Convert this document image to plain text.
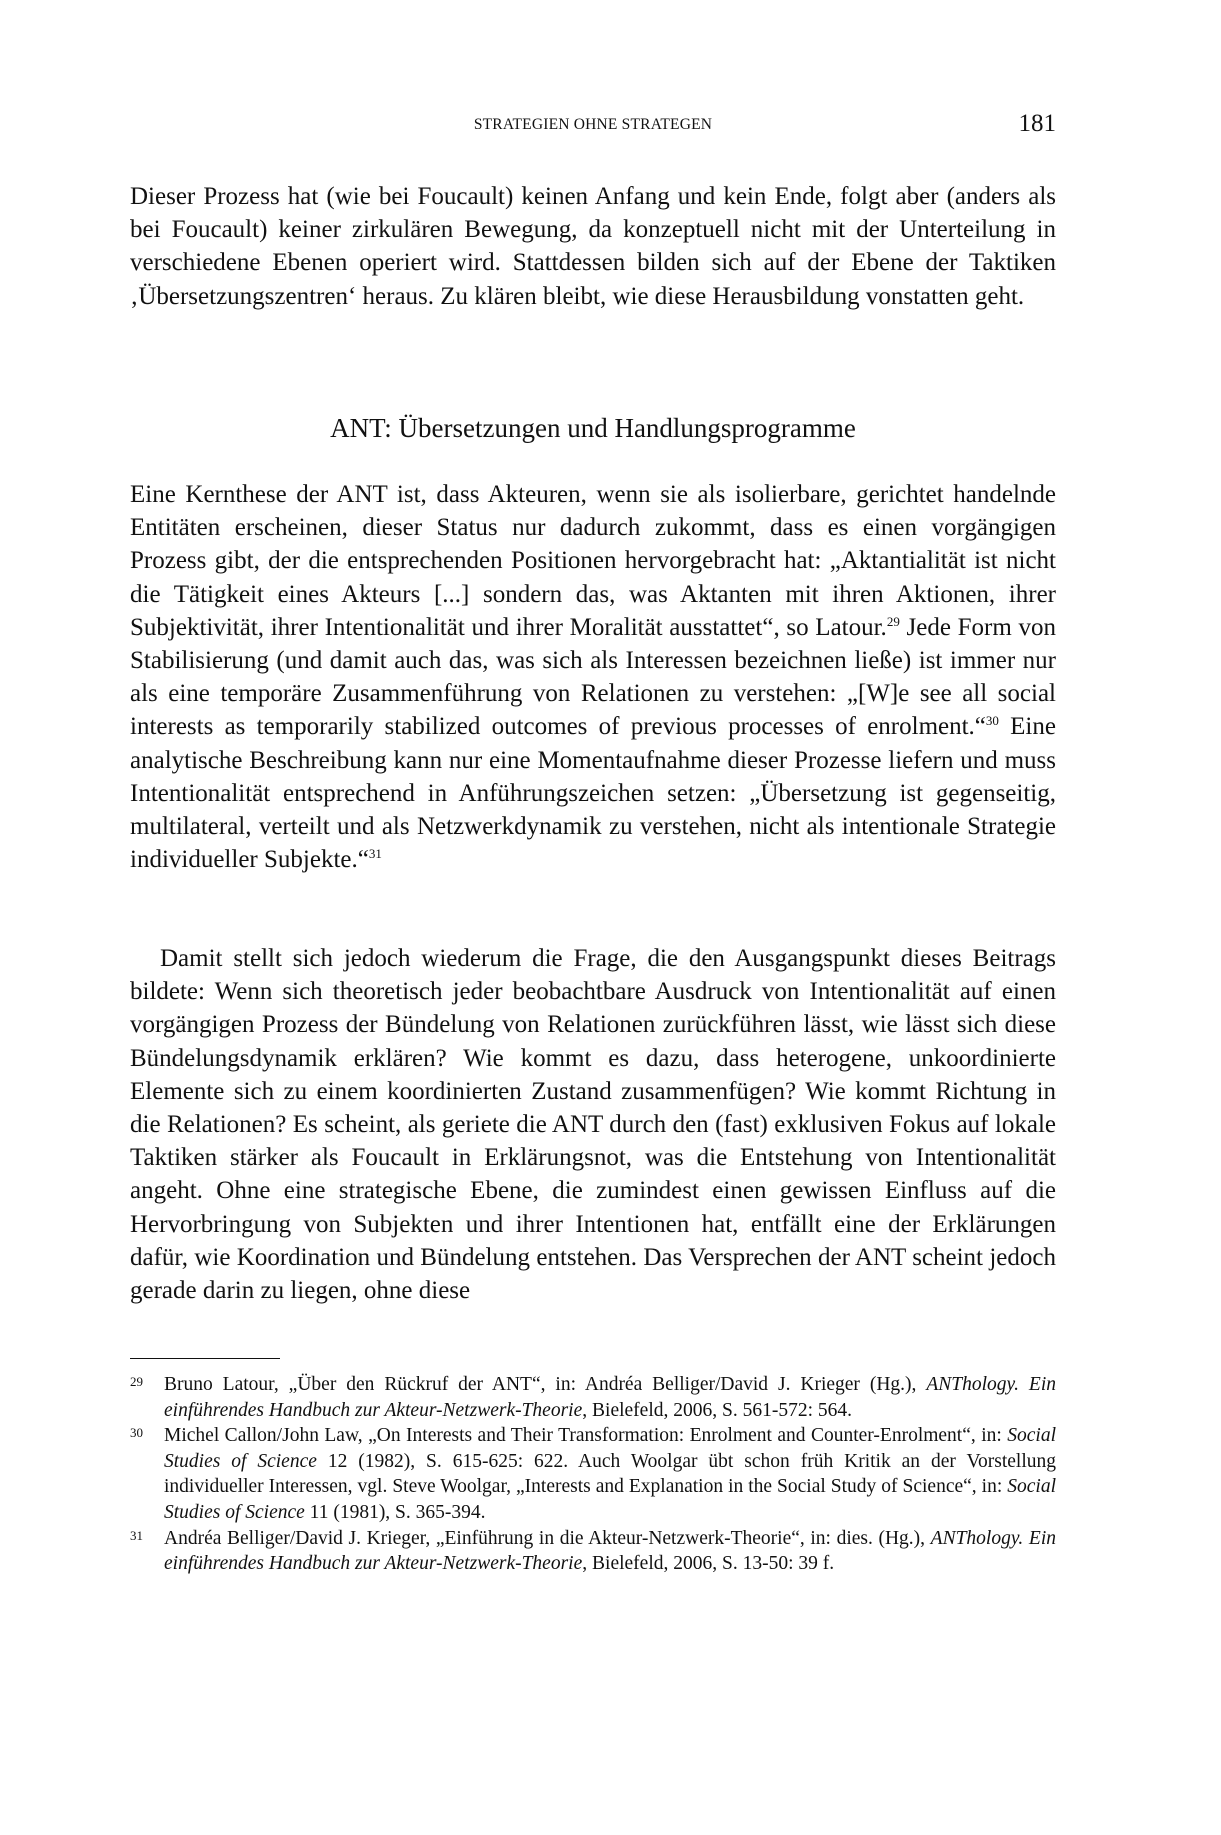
STRATEGIEN OHNE STRATEGEN	181

Dieser Prozess hat (wie bei Foucault) keinen Anfang und kein Ende, folgt aber (anders als bei Foucault) keiner zirkulären Bewegung, da konzeptuell nicht mit der Unterteilung in verschiedene Ebenen operiert wird. Stattdessen bilden sich auf der Ebene der Taktiken ‚Übersetzungszentren‘ heraus. Zu klären bleibt, wie diese Herausbildung vonstatten geht.

ANT: Übersetzungen und Handlungsprogramme

Eine Kernthese der ANT ist, dass Akteuren, wenn sie als isolierbare, gerichtet handelnde Entitäten erscheinen, dieser Status nur dadurch zukommt, dass es einen vorgängigen Prozess gibt, der die entsprechenden Positionen hervorgebracht hat: „Aktantialität ist nicht die Tätigkeit eines Akteurs [...] sondern das, was Aktanten mit ihren Aktionen, ihrer Subjektivität, ihrer Intentionalität und ihrer Moralität ausstattet“, so Latour.$^{29}$ Jede Form von Stabilisierung (und damit auch das, was sich als Interessen bezeichnen ließe) ist immer nur als eine temporäre Zusammenführung von Relationen zu verstehen: „[W]e see all social interests as temporarily stabilized outcomes of previous processes of enrolment.“$^{30}$ Eine analytische Beschreibung kann nur eine Momentaufnahme dieser Prozesse liefern und muss Intentionalität entsprechend in Anführungszeichen setzen: „Übersetzung ist gegenseitig, multilateral, verteilt und als Netzwerkdynamik zu verstehen, nicht als intentionale Strategie individueller Subjekte.“$^{31}$

Damit stellt sich jedoch wiederum die Frage, die den Ausgangspunkt dieses Beitrags bildete: Wenn sich theoretisch jeder beobachtbare Ausdruck von Intentionalität auf einen vorgängigen Prozess der Bündelung von Relationen zurückführen lässt, wie lässt sich diese Bündelungsdynamik erklären? Wie kommt es dazu, dass heterogene, unkoordinierte Elemente sich zu einem koordinierten Zustand zusammenfügen? Wie kommt Richtung in die Relationen? Es scheint, als geriete die ANT durch den (fast) exklusiven Fokus auf lokale Taktiken stärker als Foucault in Erklärungsnot, was die Entstehung von Intentionalität angeht. Ohne eine strategische Ebene, die zumindest einen gewissen Einfluss auf die Hervorbringung von Subjekten und ihrer Intentionen hat, entfällt eine der Erklärungen dafür, wie Koordination und Bündelung entstehen. Das Versprechen der ANT scheint jedoch gerade darin zu liegen, ohne diese

29 Bruno Latour, „Über den Rückruf der ANT“, in: Andréa Belliger/David J. Krieger (Hg.), ANThology. Ein einführendes Handbuch zur Akteur-Netzwerk-Theorie, Bielefeld, 2006, S. 561-572: 564.
30 Michel Callon/John Law, „On Interests and Their Transformation: Enrolment and Counter-Enrolment“, in: Social Studies of Science 12 (1982), S. 615-625: 622. Auch Woolgar übt schon früh Kritik an der Vorstellung individueller Interessen, vgl. Steve Woolgar, „Interests and Explanation in the Social Study of Science“, in: Social Studies of Science 11 (1981), S. 365-394.
31 Andréa Belliger/David J. Krieger, „Einführung in die Akteur-Netzwerk-Theorie“, in: dies. (Hg.), ANThology. Ein einführendes Handbuch zur Akteur-Netzwerk-Theorie, Bielefeld, 2006, S. 13-50: 39 f.
